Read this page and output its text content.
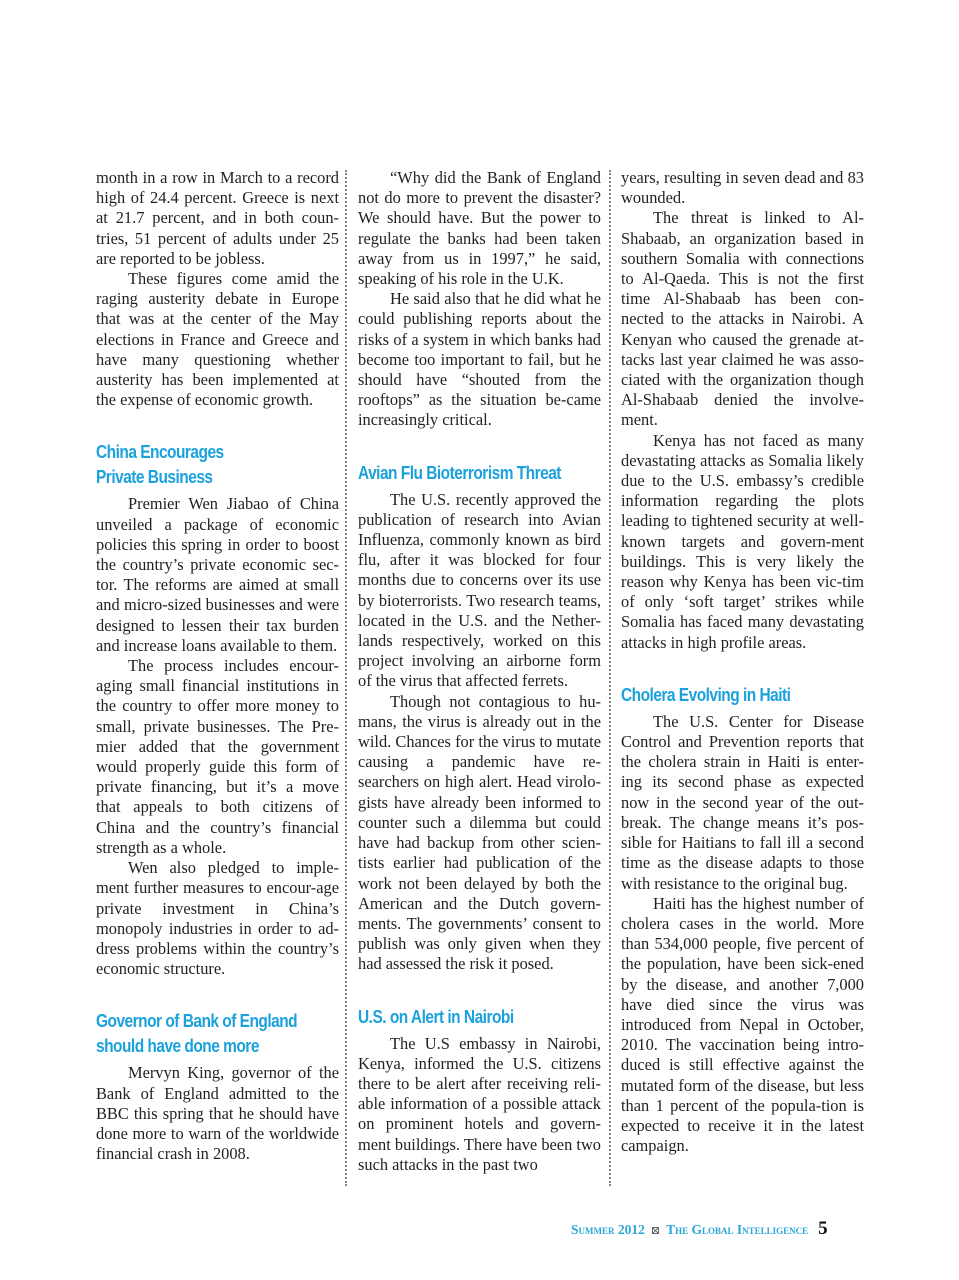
month in a row in March to a record high of 24.4 percent. Greece is next at 21.7 percent, and in both coun-tries, 51 percent of adults under 25 are reported to be jobless.

These figures come amid the raging austerity debate in Europe that was at the center of the May elections in France and Greece and have many questioning whether austerity has been implemented at the expense of economic growth.

China Encourages
Private Business

Premier Wen Jiabao of China unveiled a package of economic policies this spring in order to boost the country’s private economic sec-tor. The reforms are aimed at small and micro-sized businesses and were designed to lessen their tax burden and increase loans available to them.

The process includes encour-aging small financial institutions in the country to offer more money to small, private businesses. The Pre-mier added that the government would properly guide this form of private financing, but it’s a move that appeals to both citizens of China and the country’s financial strength as a whole.

Wen also pledged to imple-ment further measures to encour-age private investment in China’s monopoly industries in order to ad-dress problems within the country’s economic structure.

Governor of Bank of England
should have done more

Mervyn King, governor of the Bank of England admitted to the BBC this spring that he should have done more to warn of the worldwide financial crash in 2008.

“Why did the Bank of England not do more to prevent the disaster? We should have. But the power to regulate the banks had been taken away from us in 1997,” he said, speaking of his role in the U.K.

He said also that he did what he could publishing reports about the risks of a system in which banks had become too important to fail, but he should have “shouted from the rooftops” as the situation be-came increasingly critical.

Avian Flu Bioterrorism Threat

The U.S. recently approved the publication of research into Avian Influenza, commonly known as bird flu, after it was blocked for four months due to concerns over its use by bioterrorists. Two research teams, located in the U.S. and the Nether-lands respectively, worked on this project involving an airborne form of the virus that affected ferrets.

Though not contagious to hu-mans, the virus is already out in the wild. Chances for the virus to mutate causing a pandemic have re-searchers on high alert. Head virolo-gists have already been informed to counter such a dilemma but could have had backup from other scien-tists earlier had publication of the work not been delayed by both the American and the Dutch govern-ments. The governments’ consent to publish was only given when they had assessed the risk it posed.

U.S. on Alert in Nairobi

The U.S embassy in Nairobi, Kenya, informed the U.S. citizens there to be alert after receiving reli-able information of a possible attack on prominent hotels and govern-ment buildings. There have been two such attacks in the past two

years, resulting in seven dead and 83 wounded.

The threat is linked to Al-Shabaab, an organization based in southern Somalia with connections to Al-Qaeda. This is not the first time Al-Shabaab has been con-nected to the attacks in Nairobi. A Kenyan who caused the grenade at-tacks last year claimed he was asso-ciated with the organization though Al-Shabaab denied the involve-ment.

Kenya has not faced as many devastating attacks as Somalia likely due to the U.S. embassy’s credible information regarding the plots leading to tightened security at well-known targets and govern-ment buildings. This is very likely the reason why Kenya has been vic-tim of only ‘soft target’ strikes while Somalia has faced many devastating attacks in high profile areas.

Cholera Evolving in Haiti

The U.S. Center for Disease Control and Prevention reports that the cholera strain in Haiti is enter-ing its second phase as expected now in the second year of the out-break. The change means it’s pos-sible for Haitians to fall ill a second time as the disease adapts to those with resistance to the original bug.

Haiti has the highest number of cholera cases in the world. More than 534,000 people, five percent of the population, have been sick-ened by the disease, and another 7,000 have died since the virus was introduced from Nepal in October, 2010. The vaccination being intro-duced is still effective against the mutated form of the disease, but less than 1 percent of the popula-tion is expected to receive it in the latest campaign.

Summer 2012 ⊠ The Global Intelligence 5
